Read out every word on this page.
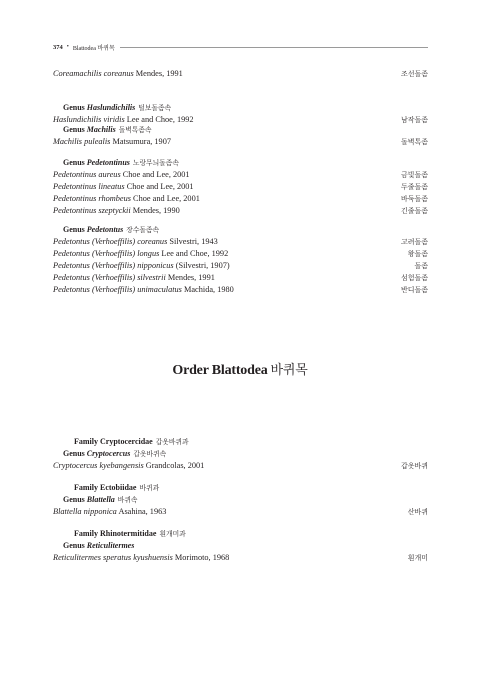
374 • Blattodea 바퀴목
Coreamachilis coreanus Mendes, 1991	조선돌좀
Genus Haslundichilis 털보돌좀속
Haslundichilis viridis Lee and Choe, 1992	남작돌좀
Genus Machilis 돌벽톡좀속
Machilis pulealis Matsumura, 1907	돌벽톡좀
Genus Pedetontinus 노랑무늬돌좀속
Pedetontinus aureus Choe and Lee, 2001	금빛돌좀
Pedetontinus lineatus Choe and Lee, 2001	두줄돌좀
Pedetontinus rhombeus Choe and Lee, 2001	바둑돌좀
Pedetontinus szeptyckii Mendes, 1990	긴줄돌좀
Genus Pedetontus 장수돌좀속
Pedetontus (Verhoeffilis) coreanus Silvestri, 1943	고려돌좀
Pedetontus (Verhoeffilis) longus Lee and Choe, 1992	왕돌좀
Pedetontus (Verhoeffilis) nipponicus (Silvestri, 1907)	돌좀
Pedetontus (Verhoeffilis) silvestrii Mendes, 1991	섬험돌좀
Pedetontus (Verhoeffilis) unimaculatus Machida, 1980	반디돌좀
Order Blattodea 바퀴목
Family Cryptocercidae 갑옷바퀴과
Genus Cryptocercus 갑옷바퀴속
Cryptocercus kyebangensis Grandcolas, 2001	갑옷바퀴
Family Ectobiidae 바퀴과
Genus Blattella 바퀴속
Blattella nipponica Asahina, 1963	산바퀴
Family Rhinotermitidae 흰개미과
Genus Reticulitermes
Reticulitermes speratus kyushuensis Morimoto, 1968	흰개미
